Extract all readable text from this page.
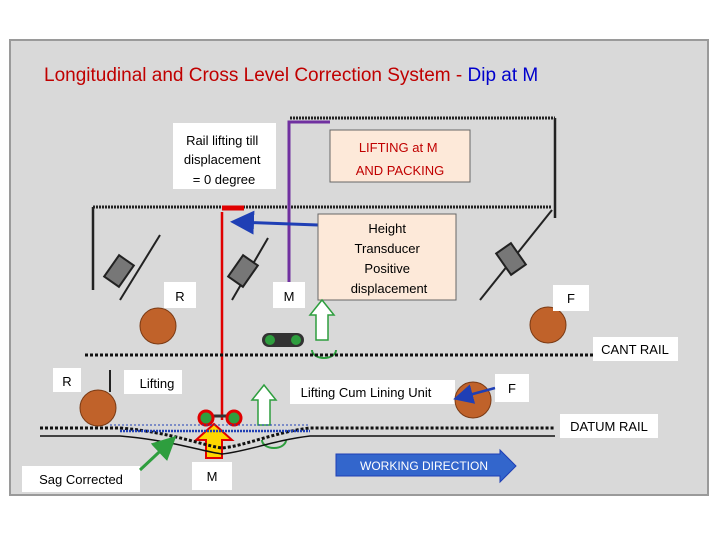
Longitudinal and Cross Level Correction System - Dip at M
Rail lifting till displacement = 0 degree
LIFTING at M AND PACKING
Height Transducer Positive displacement
R	M	F
CANT RAIL
R	Lifting
Lifting Cum Lining Unit	F
DATUM RAIL
Sag Corrected	M
WORKING DIRECTION
